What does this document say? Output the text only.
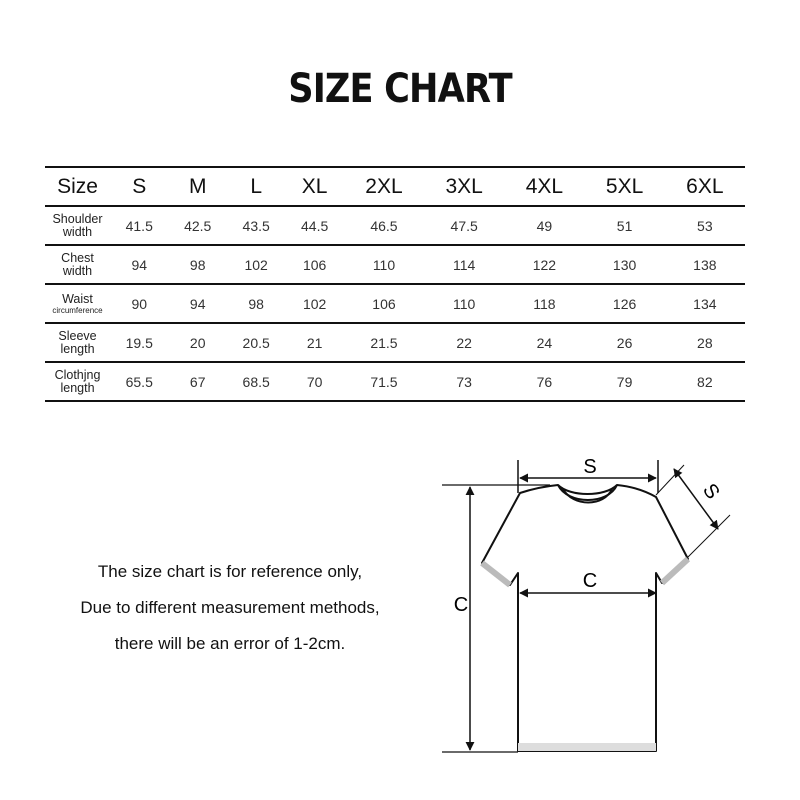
SIZE CHART
Size	S	M	L	XL	2XL	3XL	4XL	5XL	6XL
Shoulder
width	41.5	42.5	43.5	44.5	46.5	47.5	49	51	53
Chest
width	94	98	102	106	110	114	122	130	138
Waist
circumference	90	94	98	102	106	110	118	126	134
Sleeve
length	19.5	20	20.5	21	21.5	22	24	26	28
Clothjng
length	65.5	67	68.5	70	71.5	73	76	79	82
The size chart is for reference only,
Due to different measurement methods,
there will be an error of 1-2cm.
S
S
C
C
